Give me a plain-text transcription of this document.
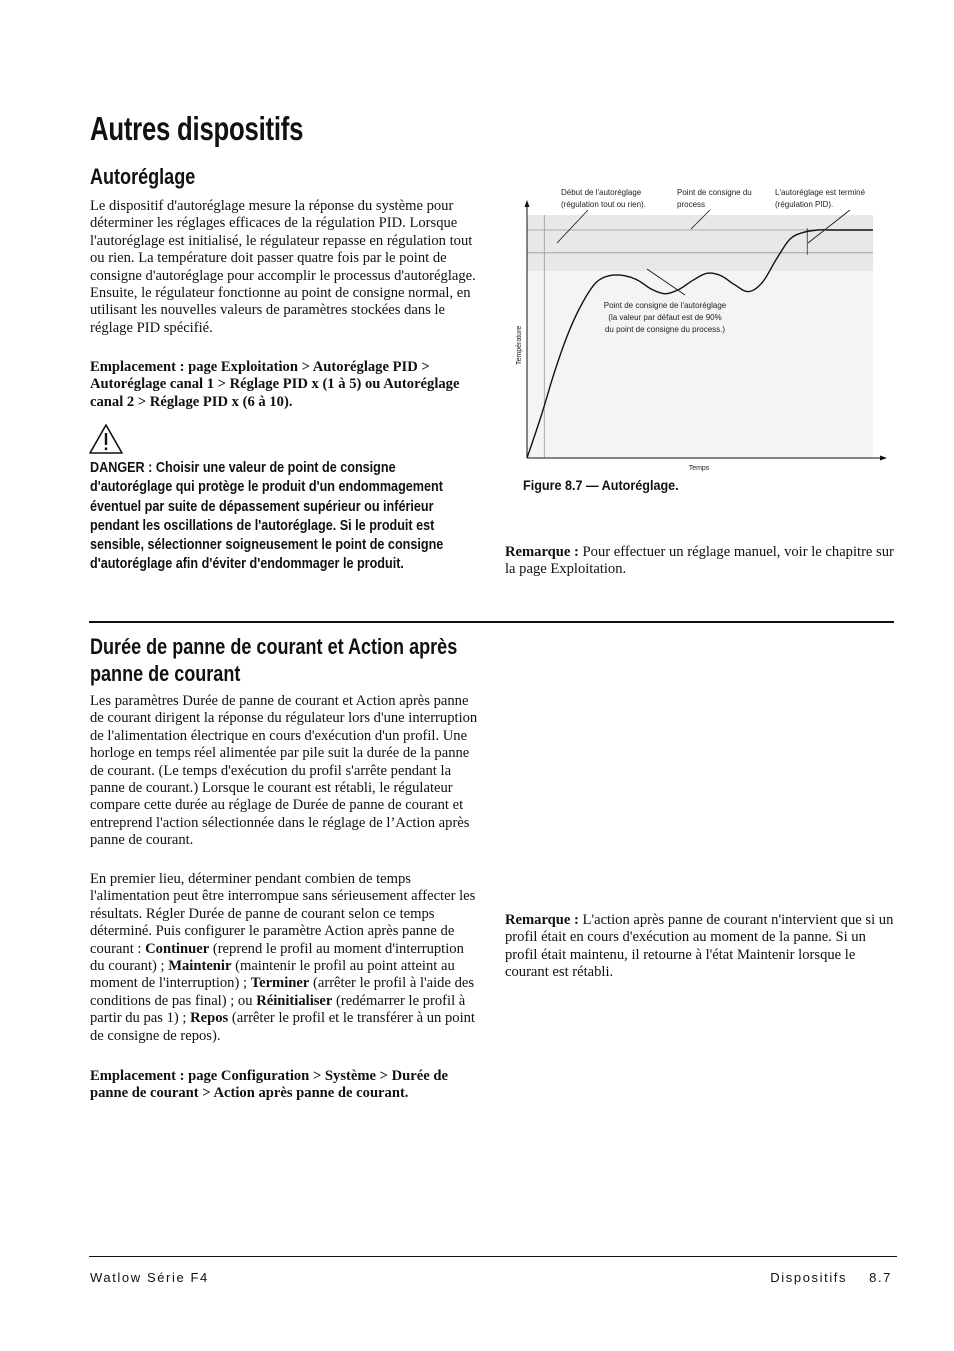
Autres dispositifs
Autoréglage

Le dispositif d'autoréglage mesure la réponse du système pour déterminer les réglages efficaces de la régulation PID. Lorsque l'autoréglage est initialisé, le régulateur repasse en régulation tout ou rien. La température doit passer quatre fois par le point de consigne d'autoréglage pour accomplir le processus d'autoréglage. Ensuite, le régulateur fonctionne au point de consigne normal, en utilisant les nouvelles valeurs de paramètres stockées dans le réglage PID spécifié.

Emplacement : page Exploitation > Autoréglage PID > Autoréglage canal 1 > Réglage PID x (1 à 5) ou Autoréglage canal 2 > Réglage PID x (6 à 10).

DANGER : Choisir une valeur de point de consigne d'autoréglage qui protège le produit d'un endommagement éventuel par suite de dépassement supérieur ou inférieur pendant les oscillations de l'autoréglage. Si le produit est sensible, sélectionner soigneusement le point de consigne d'autoréglage afin d'éviter d'endommager le produit.

Début de l'autoréglage
(régulation tout ou rien).
Point de consigne du
process
L'autoréglage est terminé
(régulation PID).
Point de consigne de l'autoréglage
(la valeur par défaut est de 90%
du point de consigne du process.)
Température
Temps
Figure 8.7 — Autoréglage.

Remarque : Pour effectuer un réglage manuel, voir le chapitre sur la page Exploitation.

Durée de panne de courant et Action après panne de courant

Les paramètres Durée de panne de courant et Action après panne de courant dirigent la réponse du régulateur lors d'une interruption de l'alimentation électrique en cours d'exécution d'un profil. Une horloge en temps réel alimentée par pile suit la durée de la panne de courant. (Le temps d'exécution du profil s'arrête pendant la panne de courant.) Lorsque le courant est rétabli, le régulateur compare cette durée au réglage de Durée de panne de courant et entreprend l'action sélectionnée dans le réglage de l’Action après panne de courant.

En premier lieu, déterminer pendant combien de temps l'alimentation peut être interrompue sans sérieusement affecter les résultats. Régler Durée de panne de courant selon ce temps déterminé. Puis configurer le paramètre Action après panne de courant : Continuer (reprend le profil au moment d'interruption du courant) ; Maintenir (maintenir le profil au point atteint au moment de l'interruption) ; Terminer (arrêter le profil à l'aide des conditions de pas final) ; ou Réinitialiser (redémarrer le profil à partir du pas 1) ; Repos (arrêter le profil et le transférer à un point de consigne de repos).

Emplacement : page Configuration > Système > Durée de panne de courant > Action après panne de courant.

Remarque : L'action après panne de courant n'intervient que si un profil était en cours d'exécution au moment de la panne. Si un profil était maintenu, il retourne à l'état Maintenir lorsque le courant est rétabli.

Watlow Série F4	Dispositifs 8.7
